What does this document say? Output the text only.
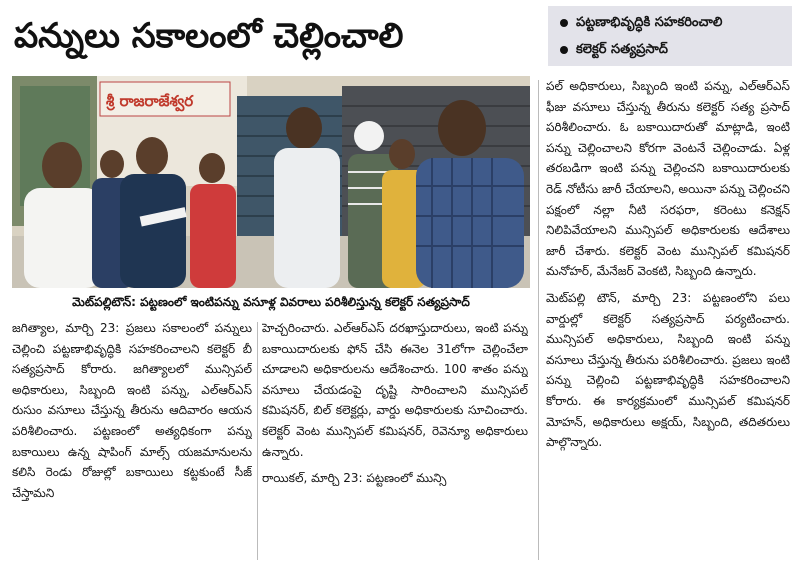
పన్నులు సకాలంలో చెల్లించాలి	పట్టణాభివృద్ధికి సహకరించాలి
కలెక్టర్ సత్యప్రసాద్
శ్రీ రాజరాజేశ్వర
మెట్‌పల్లిటౌన్: పట్టణంలో ఇంటిపన్ను వసూళ్ల వివరాలు పరిశీలిస్తున్న కలెక్టర్ సత్యప్రసాద్

జగిత్యాల, మార్చి 23: ప్రజలు సకాలంలో పన్నులు చెల్లించి పట్టణాభివృద్ధికి సహకరించాలని కలెక్టర్ బీ సత్యప్రసాద్ కోరారు. జగిత్యాలలో మున్సిపల్ అధికారులు, సిబ్బంది ఇంటి పన్ను, ఎల్ఆర్ఎస్ రుసుం వసూలు చేస్తున్న తీరును ఆదివారం ఆయన పరిశీలించారు. పట్టణంలో అత్యధికంగా పన్ను బకాయిలు ఉన్న షాపింగ్ మాల్స్ యజమానులను కలిసి రెండు రోజుల్లో బకాయిలు కట్టకుంటే సీజ్ చేస్తామని

హెచ్చరించారు. ఎల్ఆర్ఎస్ దరఖాస్తుదారులు, ఇంటి పన్ను బకాయిదారులకు ఫోన్ చేసి ఈనెల 31లోగా చెల్లించేలా చూడాలని అధికారులను ఆదేశించారు. 100 శాతం పన్ను వసూలు చేయడంపై దృష్టి సారించాలని మున్సిపల్ కమిషనర్, బిల్ కలెక్టర్లు, వార్డు అధికారులకు సూచించారు. కలెక్టర్ వెంట మున్సిపల్ కమిషనర్, రెవెన్యూ అధికారులు ఉన్నారు.

రాయికల్, మార్చి 23: పట్టణంలో మున్సి

పల్ అధికారులు, సిబ్బంది ఇంటి పన్ను, ఎల్ఆర్ఎస్ ఫీజు వసూలు చేస్తున్న తీరును కలెక్టర్ సత్య ప్రసాద్ పరిశీలించారు. ఓ బకాయిదారుతో మాట్లాడి, ఇంటి పన్ను చెల్లించాలని కోరగా వెంటనే చెల్లించాడు. ఏళ్ల తరబడిగా ఇంటి పన్ను చెల్లించని బకాయిదారులకు రెడ్ నోటీసు జారీ చేయాలని, అయినా పన్ను చెల్లించని పక్షంలో నల్లా నీటి సరఫరా, కరెంటు కనెక్షన్ నిలిపివేయాలని మున్సిపల్ అధికారులకు ఆదేశాలు జారీ చేశారు. కలెక్టర్ వెంట మున్సిపల్ కమిషనర్ మనోహర్, మేనేజర్ వెంకటి, సిబ్బంది ఉన్నారు.

మెట్‌పల్లి టౌన్, మార్చి 23: పట్టణంలోని పలు వార్డుల్లో కలెక్టర్ సత్యప్రసాద్ పర్యటించారు. మున్సిపల్ అధికారులు, సిబ్బంది ఇంటి పన్ను వసూలు చేస్తున్న తీరును పరిశీలించారు. ప్రజలు ఇంటి పన్ను చెల్లించి పట్టణాభివృద్ధికి సహకరించాలని కోరారు. ఈ కార్యక్రమంలో మున్సిపల్ కమిషనర్ మోహన్, అధికారులు అక్షయ్, సిబ్బంది, తదితరులు పాల్గొన్నారు.
